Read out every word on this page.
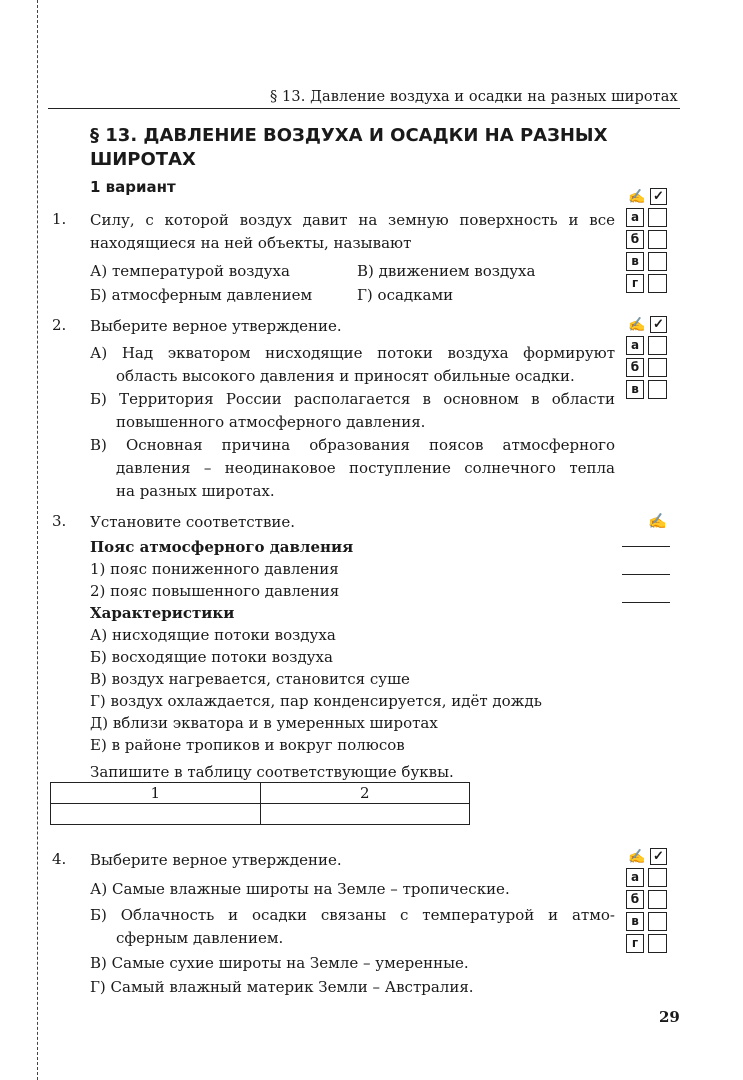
§ 13. Давление воздуха и осадки на разных широтах
§ 13. ДАВЛЕНИЕ ВОЗДУХА И ОСАДКИ НА РАЗНЫХ
ШИРОТАХ
1 вариант
1. Силу, с которой воздух давит на земную поверхность и все
находящиеся на ней объекты, называют
А) температурой воздуха	В) движением воздуха
Б) атмосферным давлением	Г) осадками
✍ ✓
а
б
в
г
2. Выберите верное утверждение.
А) Над экватором нисходящие потоки воздуха формируют
область высокого давления и приносят обильные осадки.
Б) Территория России располагается в основном в области
повышенного атмосферного давления.
В) Основная причина образования поясов атмосферного
давления – неодинаковое поступление солнечного тепла
на разных широтах.
✍ ✓
а
б
в
3. Установите соответствие.	✍
Пояс атмосферного давления
1) пояс пониженного давления
2) пояс повышенного давления
Характеристики
А) нисходящие потоки воздуха
Б) восходящие потоки воздуха
В) воздух нагревается, становится суше
Г) воздух охлаждается, пар конденсируется, идёт дождь
Д) вблизи экватора и в умеренных широтах
Е) в районе тропиков и вокруг полюсов
Запишите в таблицу соответствующие буквы.
1	2

4. Выберите верное утверждение.
А) Самые влажные широты на Земле – тропические.
Б) Облачность и осадки связаны с температурой и атмо-
сферным давлением.
В) Самые сухие широты на Земле – умеренные.
Г) Самый влажный материк Земли – Австралия.
✍ ✓
а
б
в
г
29
